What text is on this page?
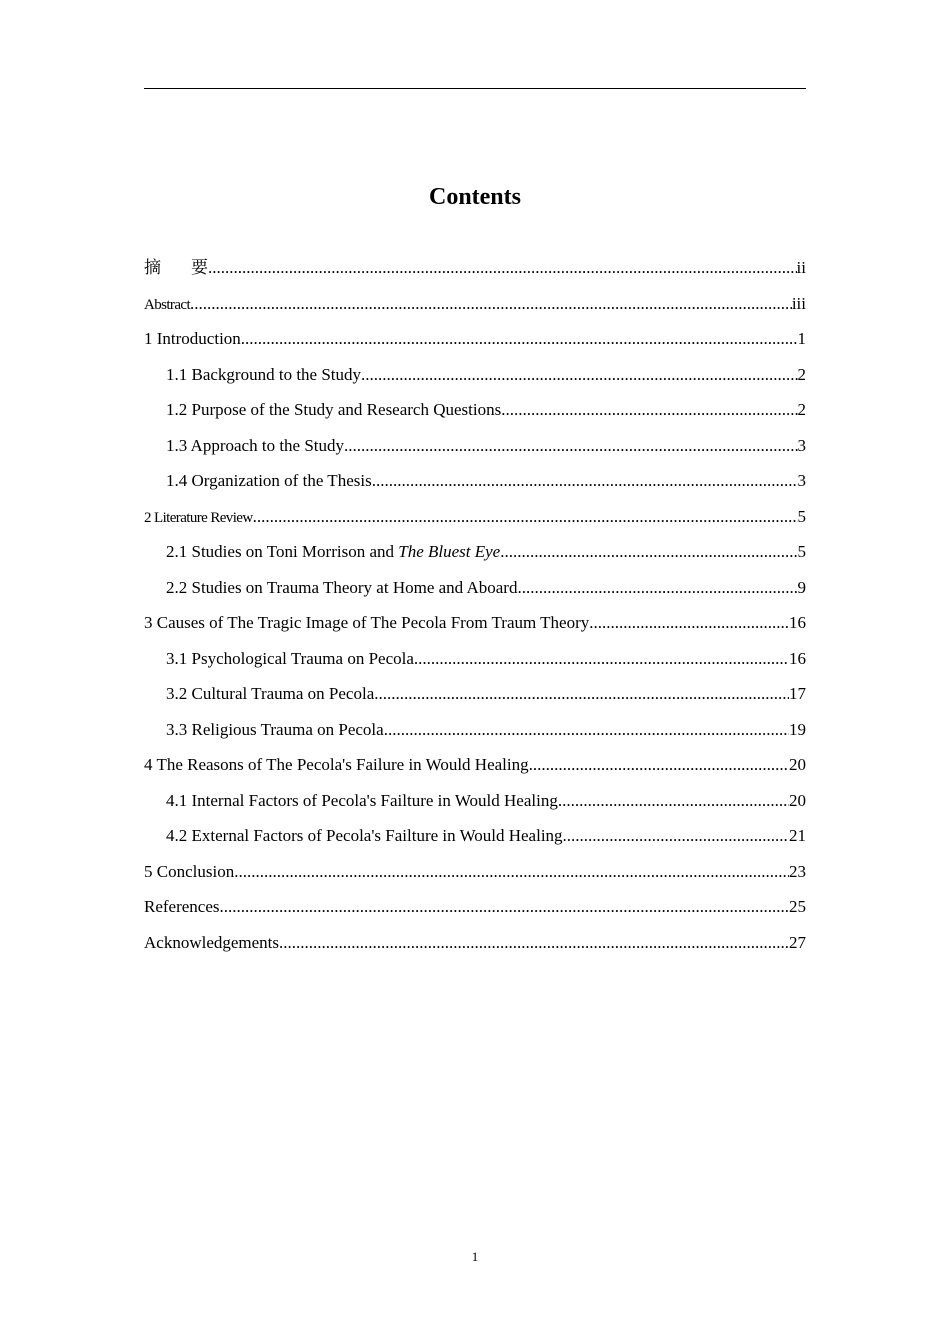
Contents
摘 要 .....	ii
Abstract .....	iii
1 Introduction .....	1
1.1 Background to the Study .....	2
1.2 Purpose of the Study and Research Questions .....	2
1.3 Approach to the Study .....	3
1.4 Organization of the Thesis .....	3
2 Literature Review .....	5
2.1 Studies on Toni Morrison and The Bluest Eye .....	5
2.2 Studies on Trauma Theory at Home and Aboard .....	9
3 Causes of The Tragic Image of The Pecola From Traum Theory .....	16
3.1 Psychological Trauma on Pecola .....	16
3.2 Cultural Trauma on Pecola .....	17
3.3 Religious Trauma on Pecola .....	19
4 The Reasons of The Pecola's Failure in Would Healing .....	20
4.1 Internal Factors of Pecola's Failture in Would Healing .....	20
4.2 External Factors of Pecola's Failture in Would Healing .....	21
5 Conclusion .....	23
References .....	25
Acknowledgements .....	27
1
